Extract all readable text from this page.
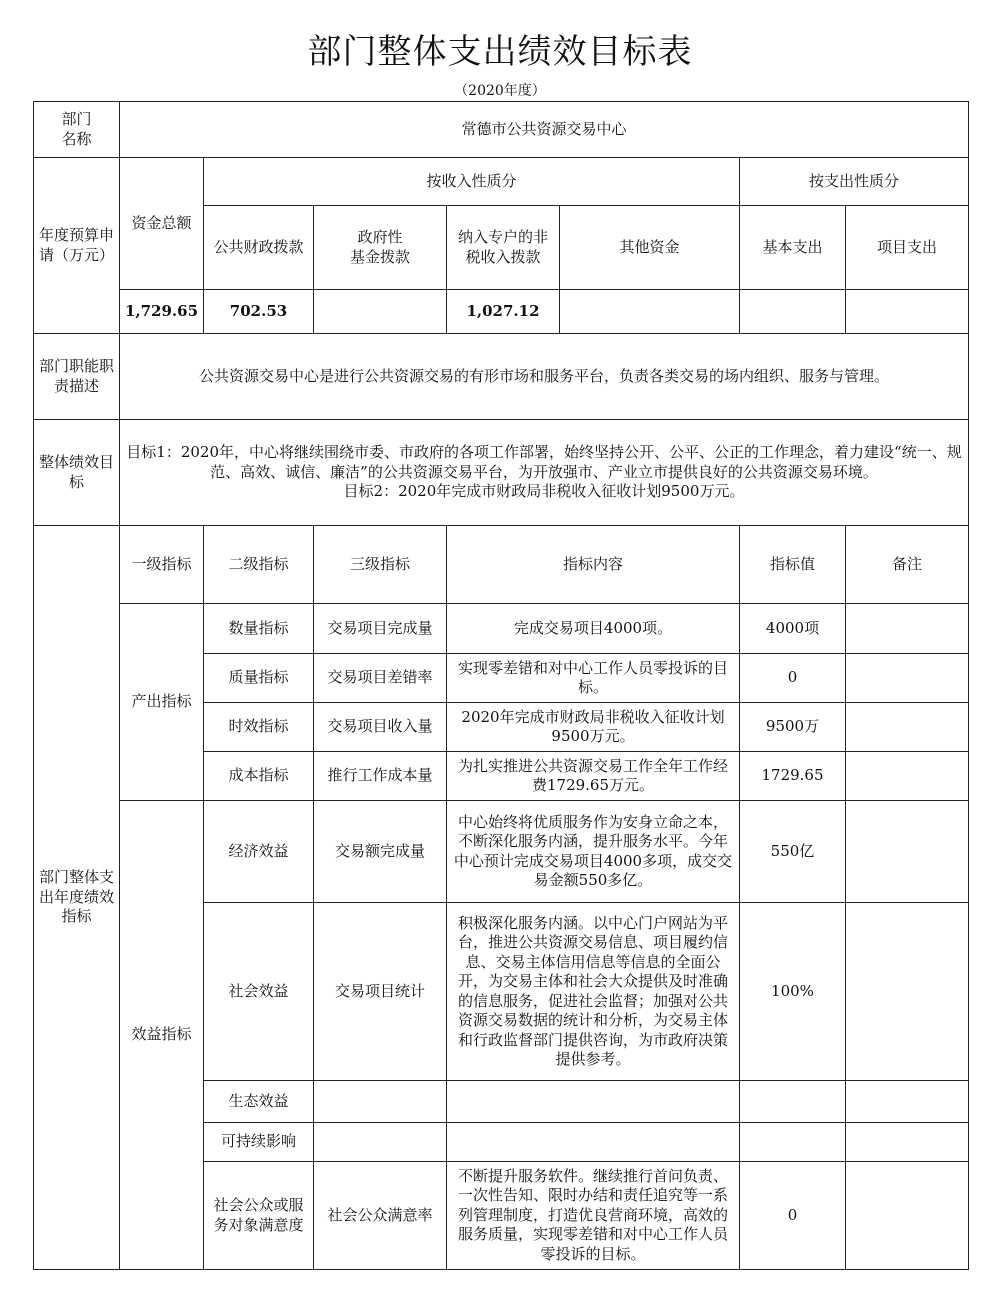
部门整体支出绩效目标表
（2020年度）
部门
名称	常德市公共资源交易中心						
年度预算申请（万元）	资金总额	按收入性质分				按支出性质分	
		公共财政拨款	政府性
基金拨款	纳入专户的非税收入拨款	其他资金	基本支出	项目支出
	1,729.65	702.53		1,027.12			
部门职能职责描述	公共资源交易中心是进行公共资源交易的有形市场和服务平台，负责各类交易的场内组织、服务与管理。						
整体绩效目标	目标1：2020年，中心将继续围绕市委、市政府的各项工作部署，始终坚持公开、公平、公正的工作理念，着力建设“统一、规范、高效、诚信、廉洁”的公共资源交易平台，为开放强市、产业立市提供良好的公共资源交易环境。
目标2：2020年完成市财政局非税收入征收计划9500万元。						

部门整体支出年度绩效指标	一级指标	二级指标	三级指标	指标内容		指标值	备注
	产出指标	数量指标	交易项目完成量	完成交易项目4000项。		4000项	
		质量指标	交易项目差错率	实现零差错和对中心工作人员零投诉的目标。		0	
		时效指标	交易项目收入量	2020年完成市财政局非税收入征收计划9500万元。		9500万	
		成本指标	推行工作成本量	为扎实推进公共资源交易工作全年工作经费1729.65万元。		1729.65	
	效益指标	经济效益	交易额完成量	中心始终将优质服务作为安身立命之本，不断深化服务内涵，提升服务水平。今年中心预计完成交易项目4000多项，成交交易金额550多亿。		550亿	
		社会效益	交易项目统计	积极深化服务内涵。以中心门户网站为平台，推进公共资源交易信息、项目履约信息、交易主体信用信息等信息的全面公开，为交易主体和社会大众提供及时准确的信息服务，促进社会监督；加强对公共资源交易数据的统计和分析，为交易主体和行政监督部门提供咨询，为市政府决策提供参考。		100%	
		生态效益					
		可持续影响					
		社会公众或服务对象满意度	社会公众满意率	不断提升服务软件。继续推行首问负责、一次性告知、限时办结和责任追究等一系列管理制度，打造优良营商环境，高效的服务质量，实现零差错和对中心工作人员零投诉的目标。		0	
